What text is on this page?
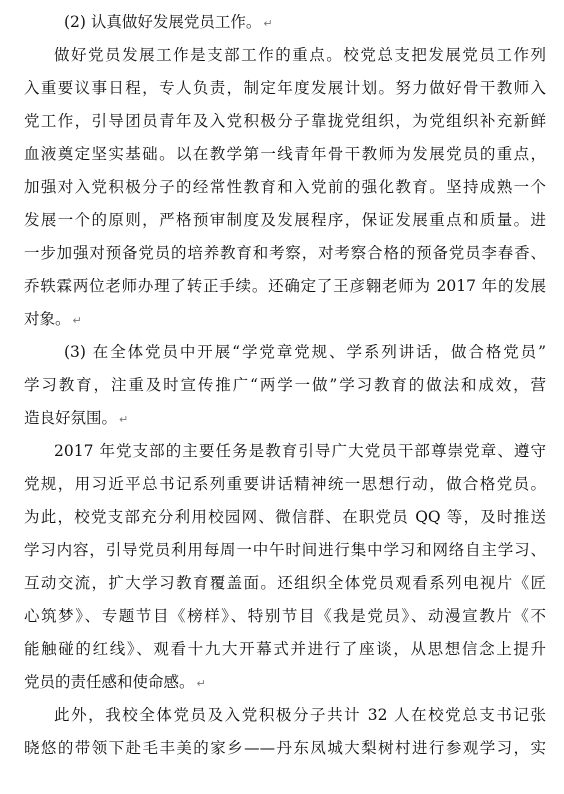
(2) 认真做好发展党员工作。 ↵
做好党员发展工作是支部工作的重点。校党总支把发展党员工作列
入重要议事日程，专人负责，制定年度发展计划。努力做好骨干教师入
党工作，引导团员青年及入党积极分子靠拢党组织，为党组织补充新鲜
血液奠定坚实基础。以在教学第一线青年骨干教师为发展党员的重点，
加强对入党积极分子的经常性教育和入党前的强化教育。坚持成熟一个
发展一个的原则，严格预审制度及发展程序，保证发展重点和质量。进
一步加强对预备党员的培养教育和考察，对考察合格的预备党员李春香、
乔轶霖两位老师办理了转正手续。还确定了王彦翱老师为 2017 年的发展
对象。 ↵
(3) 在全体党员中开展“学党章党规、学系列讲话，做合格党员”
学习教育，注重及时宣传推广“两学一做”学习教育的做法和成效，营
造良好氛围。 ↵
2017 年党支部的主要任务是教育引导广大党员干部尊崇党章、遵守
党规，用习近平总书记系列重要讲话精神统一思想行动，做合格党员。
为此，校党支部充分利用校园网、微信群、在职党员 QQ 等，及时推送
学习内容，引导党员利用每周一中午时间进行集中学习和网络自主学习、
互动交流，扩大学习教育覆盖面。还组织全体党员观看系列电视片《匠
心筑梦》、专题节目《榜样》、特别节目《我是党员》、动漫宣教片《不
能触碰的红线》、观看十九大开幕式并进行了座谈，从思想信念上提升
党员的责任感和使命感。 ↵
此外，我校全体党员及入党积极分子共计 32 人在校党总支书记张
晓悠的带领下赴毛丰美的家乡——丹东凤城大梨树村进行参观学习，实
